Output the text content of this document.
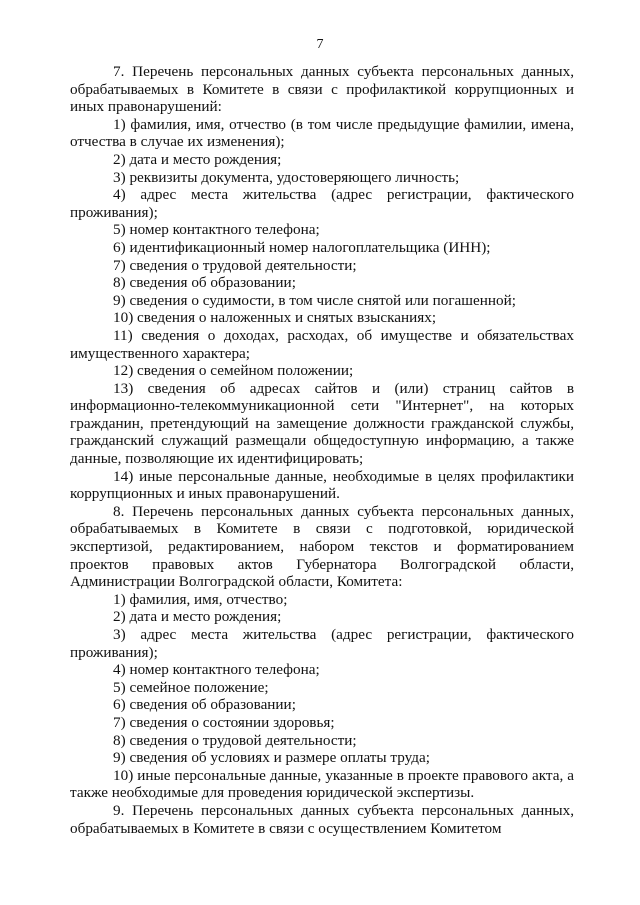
7

7. Перечень персональных данных субъекта персональных данных, обрабатываемых в Комитете в связи с профилактикой коррупционных и иных правонарушений:

1) фамилия, имя, отчество (в том числе предыдущие фамилии, имена, отчества в случае их изменения);

2) дата и место рождения;

3) реквизиты документа, удостоверяющего личность;

4) адрес места жительства (адрес регистрации, фактического проживания);

5) номер контактного телефона;

6) идентификационный номер налогоплательщика (ИНН);

7) сведения о трудовой деятельности;

8) сведения об образовании;

9) сведения о судимости, в том числе снятой или погашенной;

10) сведения о наложенных и снятых взысканиях;

11) сведения о доходах, расходах, об имуществе и обязательствах имущественного характера;

12) сведения о семейном положении;

13) сведения об адресах сайтов и (или) страниц сайтов в информационно-телекоммуникационной сети "Интернет", на которых гражданин, претендующий на замещение должности гражданской службы, гражданский служащий размещали общедоступную информацию, а также данные, позволяющие их идентифицировать;

14) иные персональные данные, необходимые в целях профилактики коррупционных и иных правонарушений.

8. Перечень персональных данных субъекта персональных данных, обрабатываемых в Комитете в связи с подготовкой, юридической экспертизой, редактированием, набором текстов и форматированием проектов правовых актов Губернатора Волгоградской области, Администрации Волгоградской области, Комитета:

1) фамилия, имя, отчество;

2) дата и место рождения;

3) адрес места жительства (адрес регистрации, фактического проживания);

4) номер контактного телефона;

5) семейное положение;

6) сведения об образовании;

7) сведения о состоянии здоровья;

8) сведения о трудовой деятельности;

9) сведения об условиях и размере оплаты труда;

10) иные персональные данные, указанные в проекте правового акта, а также необходимые для проведения юридической экспертизы.

9. Перечень персональных данных субъекта персональных данных, обрабатываемых в Комитете в связи с осуществлением Комитетом
